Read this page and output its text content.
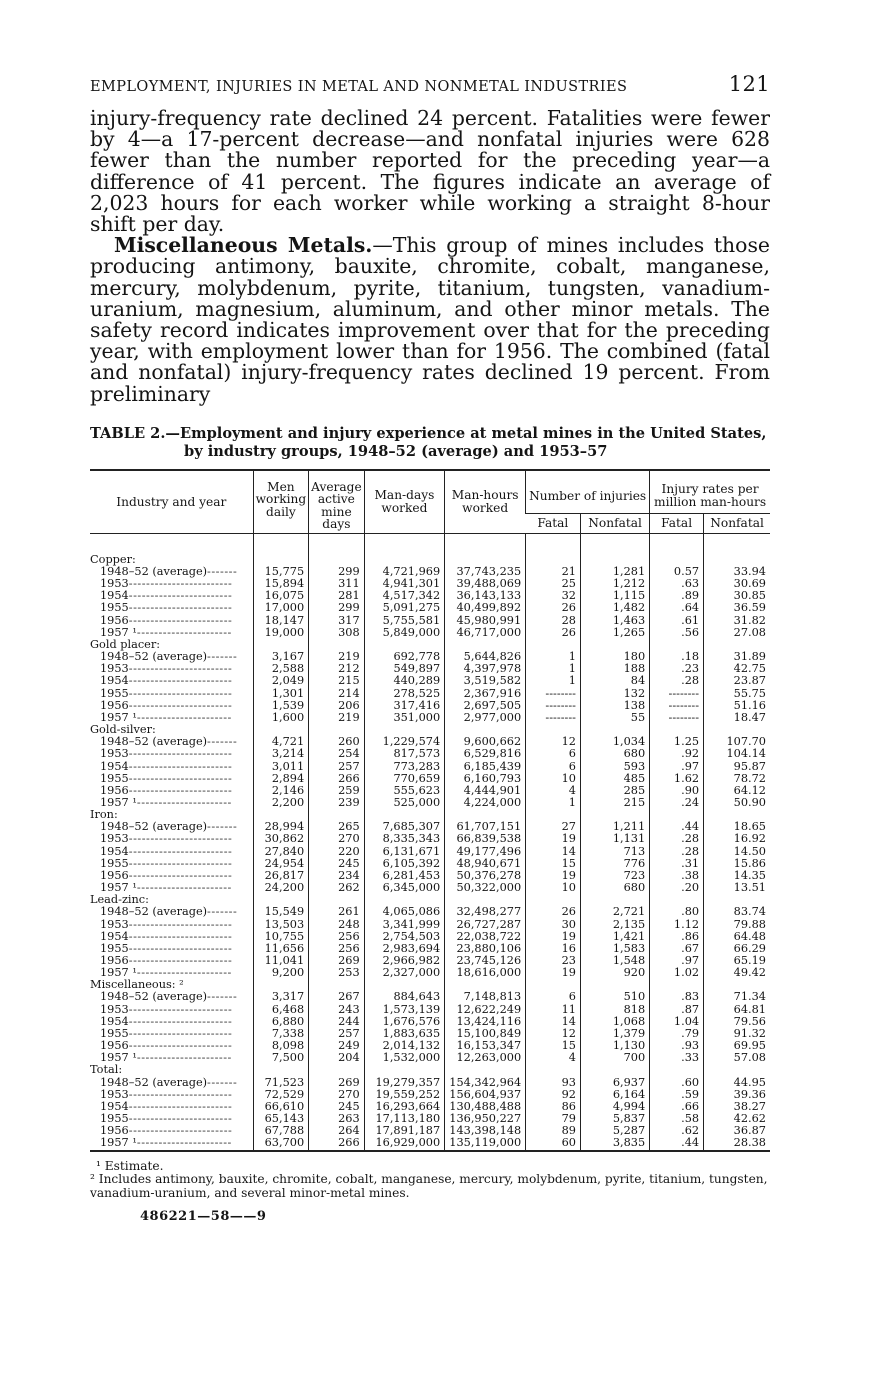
EMPLOYMENT, INJURIES IN METAL AND NONMETAL INDUSTRIES	121

injury-frequency rate declined 24 percent. Fatalities were fewer by 4—a 17-percent decrease—and nonfatal injuries were 628 fewer than the number reported for the preceding year—a difference of 41 percent. The figures indicate an average of 2,023 hours for each worker while working a straight 8-hour shift per day.

Miscellaneous Metals.—This group of mines includes those producing antimony, bauxite, chromite, cobalt, manganese, mercury, molybdenum, pyrite, titanium, tungsten, vanadium-uranium, magnesium, aluminum, and other minor metals. The safety record indicates improvement over that for the preceding year, with employment lower than for 1956. The combined (fatal and nonfatal) injury-frequency rates declined 19 percent. From preliminary

TABLE 2.—Employment and injury experience at metal mines in the United States, by industry groups, 1948–52 (average) and 1953–57
Industry and year	Men working daily	Average active mine days	Man-days worked	Man-hours worked	Number of injuries		Injury rates per million man-hours	
					Fatal	Nonfatal	Fatal	Nonfatal
Copper:								
1948–52 (average)-------	15,775	299	4,721,969	37,743,235	21	1,281	0.57	33.94
1953------------------------	15,894	311	4,941,301	39,488,069	25	1,212	.63	30.69
1954------------------------	16,075	281	4,517,342	36,143,133	32	1,115	.89	30.85
1955------------------------	17,000	299	5,091,275	40,499,892	26	1,482	.64	36.59
1956------------------------	18,147	317	5,755,581	45,980,991	28	1,463	.61	31.82
1957 ¹----------------------	19,000	308	5,849,000	46,717,000	26	1,265	.56	27.08
Gold placer:								
1948–52 (average)-------	3,167	219	692,778	5,644,826	1	180	.18	31.89
1953------------------------	2,588	212	549,897	4,397,978	1	188	.23	42.75
1954------------------------	2,049	215	440,289	3,519,582	1	84	.28	23.87
1955------------------------	1,301	214	278,525	2,367,916	--------	132	--------	55.75
1956------------------------	1,539	206	317,416	2,697,505	--------	138	--------	51.16
1957 ¹----------------------	1,600	219	351,000	2,977,000	--------	55	--------	18.47
Gold-silver:								
1948–52 (average)-------	4,721	260	1,229,574	9,600,662	12	1,034	1.25	107.70
1953------------------------	3,214	254	817,573	6,529,816	6	680	.92	104.14
1954------------------------	3,011	257	773,283	6,185,439	6	593	.97	95.87
1955------------------------	2,894	266	770,659	6,160,793	10	485	1.62	78.72
1956------------------------	2,146	259	555,623	4,444,901	4	285	.90	64.12
1957 ¹----------------------	2,200	239	525,000	4,224,000	1	215	.24	50.90
Iron:								
1948–52 (average)-------	28,994	265	7,685,307	61,707,151	27	1,211	.44	18.65
1953------------------------	30,862	270	8,335,343	66,839,538	19	1,131	.28	16.92
1954------------------------	27,840	220	6,131,671	49,177,496	14	713	.28	14.50
1955------------------------	24,954	245	6,105,392	48,940,671	15	776	.31	15.86
1956------------------------	26,817	234	6,281,453	50,376,278	19	723	.38	14.35
1957 ¹----------------------	24,200	262	6,345,000	50,322,000	10	680	.20	13.51
Lead-zinc:								
1948–52 (average)-------	15,549	261	4,065,086	32,498,277	26	2,721	.80	83.74
1953------------------------	13,503	248	3,341,999	26,727,287	30	2,135	1.12	79.88
1954------------------------	10,755	256	2,754,503	22,038,722	19	1,421	.86	64.48
1955------------------------	11,656	256	2,983,694	23,880,106	16	1,583	.67	66.29
1956------------------------	11,041	269	2,966,982	23,745,126	23	1,548	.97	65.19
1957 ¹----------------------	9,200	253	2,327,000	18,616,000	19	920	1.02	49.42
Miscellaneous: ²								
1948–52 (average)-------	3,317	267	884,643	7,148,813	6	510	.83	71.34
1953------------------------	6,468	243	1,573,139	12,622,249	11	818	.87	64.81
1954------------------------	6,880	244	1,676,576	13,424,116	14	1,068	1.04	79.56
1955------------------------	7,338	257	1,883,635	15,100,849	12	1,379	.79	91.32
1956------------------------	8,098	249	2,014,132	16,153,347	15	1,130	.93	69.95
1957 ¹----------------------	7,500	204	1,532,000	12,263,000	4	700	.33	57.08
Total:								
1948–52 (average)-------	71,523	269	19,279,357	154,342,964	93	6,937	.60	44.95
1953------------------------	72,529	270	19,559,252	156,604,937	92	6,164	.59	39.36
1954------------------------	66,610	245	16,293,664	130,488,488	86	4,994	.66	38.27
1955------------------------	65,143	263	17,113,180	136,950,227	79	5,837	.58	42.62
1956------------------------	67,788	264	17,891,187	143,398,148	89	5,287	.62	36.87
1957 ¹----------------------	63,700	266	16,929,000	135,119,000	60	3,835	.44	28.38
¹ Estimate.
² Includes antimony, bauxite, chromite, cobalt, manganese, mercury, molybdenum, pyrite, titanium, tungsten, vanadium-uranium, and several minor-metal mines.
486221—58——9
